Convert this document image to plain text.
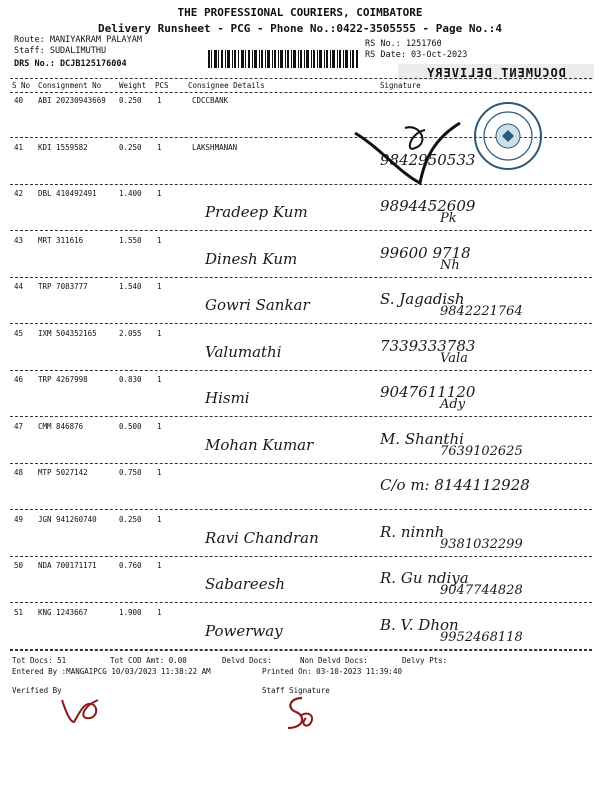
THE PROFESSIONAL COURIERS, COIMBATORE
Delivery Runsheet - PCG - Phone No.:0422-3505555 - Page No.:4
Route: MANIYAKRAM PALAYAM
Staff: SUDALIMUTHU
DRS No.: DCJB125176004
RS No.: 1251760
RS Date: 03-Oct-2023
DOCUMENT DELIVERY
S No Consignment No Weight PCS	Consignee Details	Signature
40 ABI 20230943669 0.250 1	CDCCBANK
41 KDI 1559582	0.250 1	LAKSHMANAN
9842950533
42 DBL 410492491	1.400 1
Pradeep Kum	9894452609
Pk
43 MRT 311616	1.550 1
Dinesh Kum	99600 9718
Nh
44 TRP 7083777	1.540 1
Gowri Sankar	S. Jagadish
9842221764
45 IXM 504352165	2.055 1
Valumathi	7339333783
Vala
46 TRP 4267998	0.830 1
Hismi	9047611120
Ady
47 CMM 846876	0.500 1
Mohan Kumar	M. Shanthi
7639102625
48 MTP 5027142	0.750 1
C/o m: 8144112928
49 JGN 941260740	0.250 1
Ravi Chandran	R. ninnh
9381032299
50 NDA 700171171	0.760 1
Sabareesh	R. Gu ndiya
9047744828
51 KNG 1243667	1.900 1
Powerway	B. V. Dhon
9952468118
Tot Docs: 51	Tot COD Amt: 0.00	Delvd Docs:	Non Delvd Docs:	Delvy Pts:
Entered By :MANGAIPCG 10/03/2023 11:38:22 AM	Printed On: 03-10-2023 11:39:40
Verified By	Staff Signature
